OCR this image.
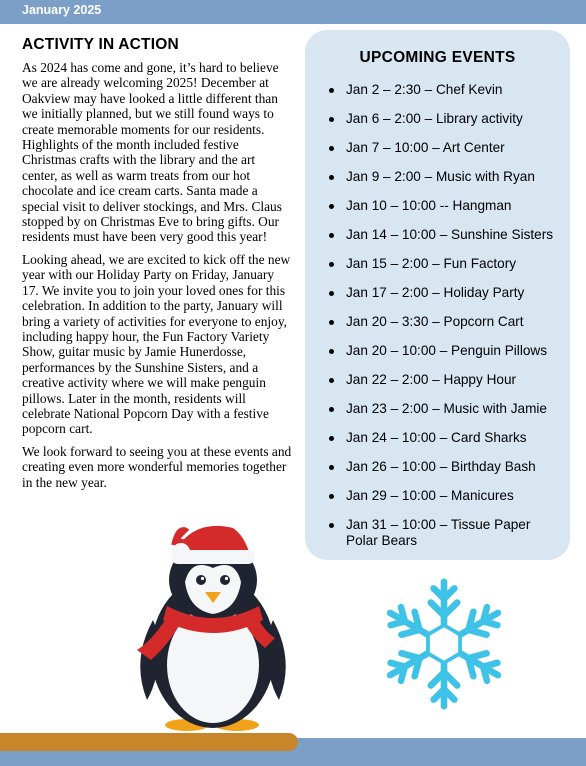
January 2025
ACTIVITY IN ACTION

As 2024 has come and gone, it’s hard to believe we are already welcoming 2025! December at Oakview may have looked a little different than we initially planned, but we still found ways to create memorable moments for our residents. Highlights of the month included festive Christmas crafts with the library and the art center, as well as warm treats from our hot chocolate and ice cream carts. Santa made a special visit to deliver stockings, and Mrs. Claus stopped by on Christmas Eve to bring gifts. Our residents must have been very good this year!

Looking ahead, we are excited to kick off the new year with our Holiday Party on Friday, January 17. We invite you to join your loved ones for this celebration. In addition to the party, January will bring a variety of activities for everyone to enjoy, including happy hour, the Fun Factory Variety Show, guitar music by Jamie Hunerdosse, performances by the Sunshine Sisters, and a creative activity where we will make penguin pillows. Later in the month, residents will celebrate National Popcorn Day with a festive popcorn cart.

We look forward to seeing you at these events and creating even more wonderful memories together in the new year.

UPCOMING EVENTS
Jan 2 – 2:30 – Chef Kevin
Jan 6 – 2:00 – Library activity
Jan 7 – 10:00 – Art Center
Jan 9 – 2:00 – Music with Ryan
Jan 10 – 10:00 -- Hangman
Jan 14 – 10:00 – Sunshine Sisters
Jan 15 – 2:00 – Fun Factory
Jan 17 – 2:00 – Holiday Party
Jan 20 – 3:30 – Popcorn Cart
Jan 20 – 10:00 – Penguin Pillows
Jan 22 – 2:00 – Happy Hour
Jan 23 – 2:00 – Music with Jamie
Jan 24 – 10:00 – Card Sharks
Jan 26 – 10:00 – Birthday Bash
Jan 29 – 10:00 – Manicures
Jan 31 – 10:00 – Tissue Paper Polar Bears
